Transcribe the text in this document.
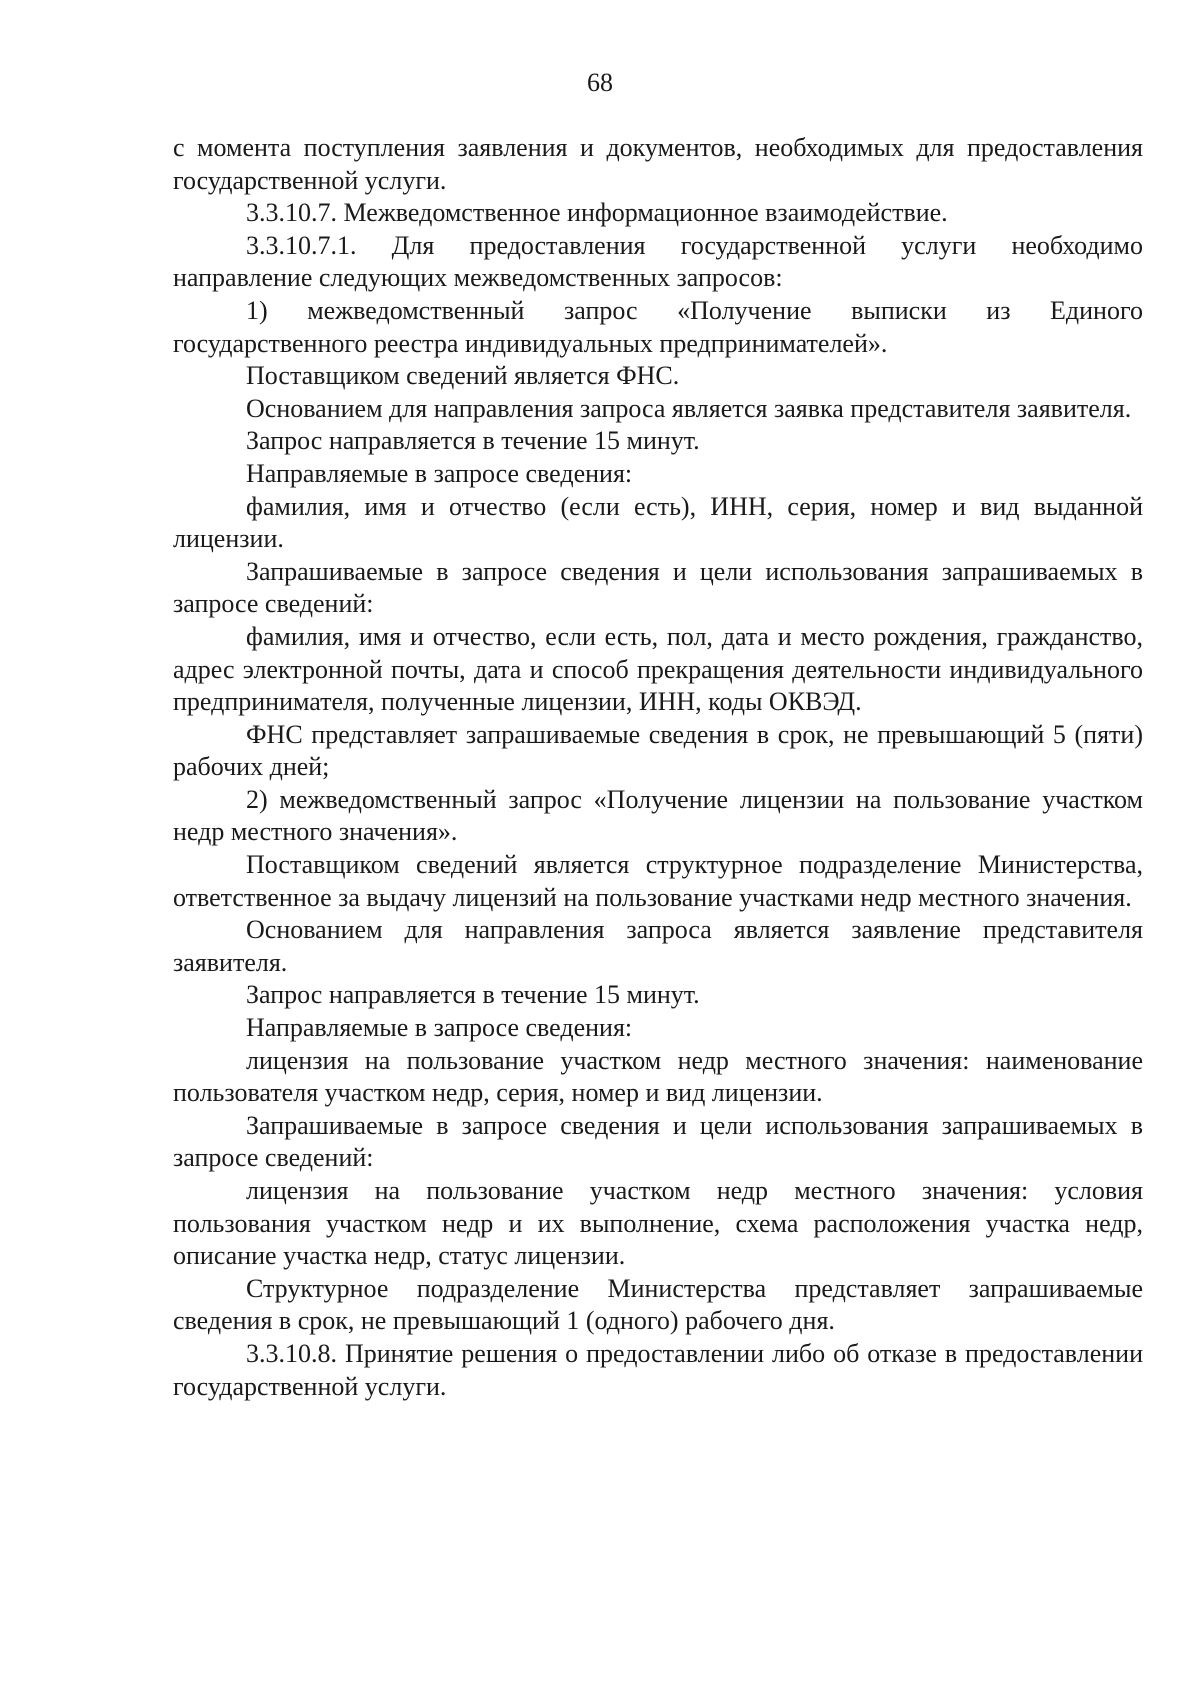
68

с момента поступления заявления и документов, необходимых для предоставления государственной услуги.

3.3.10.7. Межведомственное информационное взаимодействие.

3.3.10.7.1. Для предоставления государственной услуги необходимо направление следующих межведомственных запросов:

1) межведомственный запрос «Получение выписки из Единого государственного реестра индивидуальных предпринимателей».

Поставщиком сведений является ФНС.

Основанием для направления запроса является заявка представителя заявителя.

Запрос направляется в течение 15 минут.

Направляемые в запросе сведения:

фамилия, имя и отчество (если есть), ИНН, серия, номер и вид выданной лицензии.

Запрашиваемые в запросе сведения и цели использования запрашиваемых в запросе сведений:

фамилия, имя и отчество, если есть, пол, дата и место рождения, гражданство, адрес электронной почты, дата и способ прекращения деятельности индивидуального предпринимателя, полученные лицензии, ИНН, коды ОКВЭД.

ФНС представляет запрашиваемые сведения в срок, не превышающий 5 (пяти) рабочих дней;

2) межведомственный запрос «Получение лицензии на пользование участком недр местного значения».

Поставщиком сведений является структурное подразделение Министерства, ответственное за выдачу лицензий на пользование участками недр местного значения.

Основанием для направления запроса является заявление представителя заявителя.

Запрос направляется в течение 15 минут.

Направляемые в запросе сведения:

лицензия на пользование участком недр местного значения: наименование пользователя участком недр, серия, номер и вид лицензии.

Запрашиваемые в запросе сведения и цели использования запрашиваемых в запросе сведений:

лицензия на пользование участком недр местного значения: условия пользования участком недр и их выполнение, схема расположения участка недр, описание участка недр, статус лицензии.

Структурное подразделение Министерства представляет запрашиваемые сведения в срок, не превышающий 1 (одного) рабочего дня.

3.3.10.8. Принятие решения о предоставлении либо об отказе в предоставлении государственной услуги.
